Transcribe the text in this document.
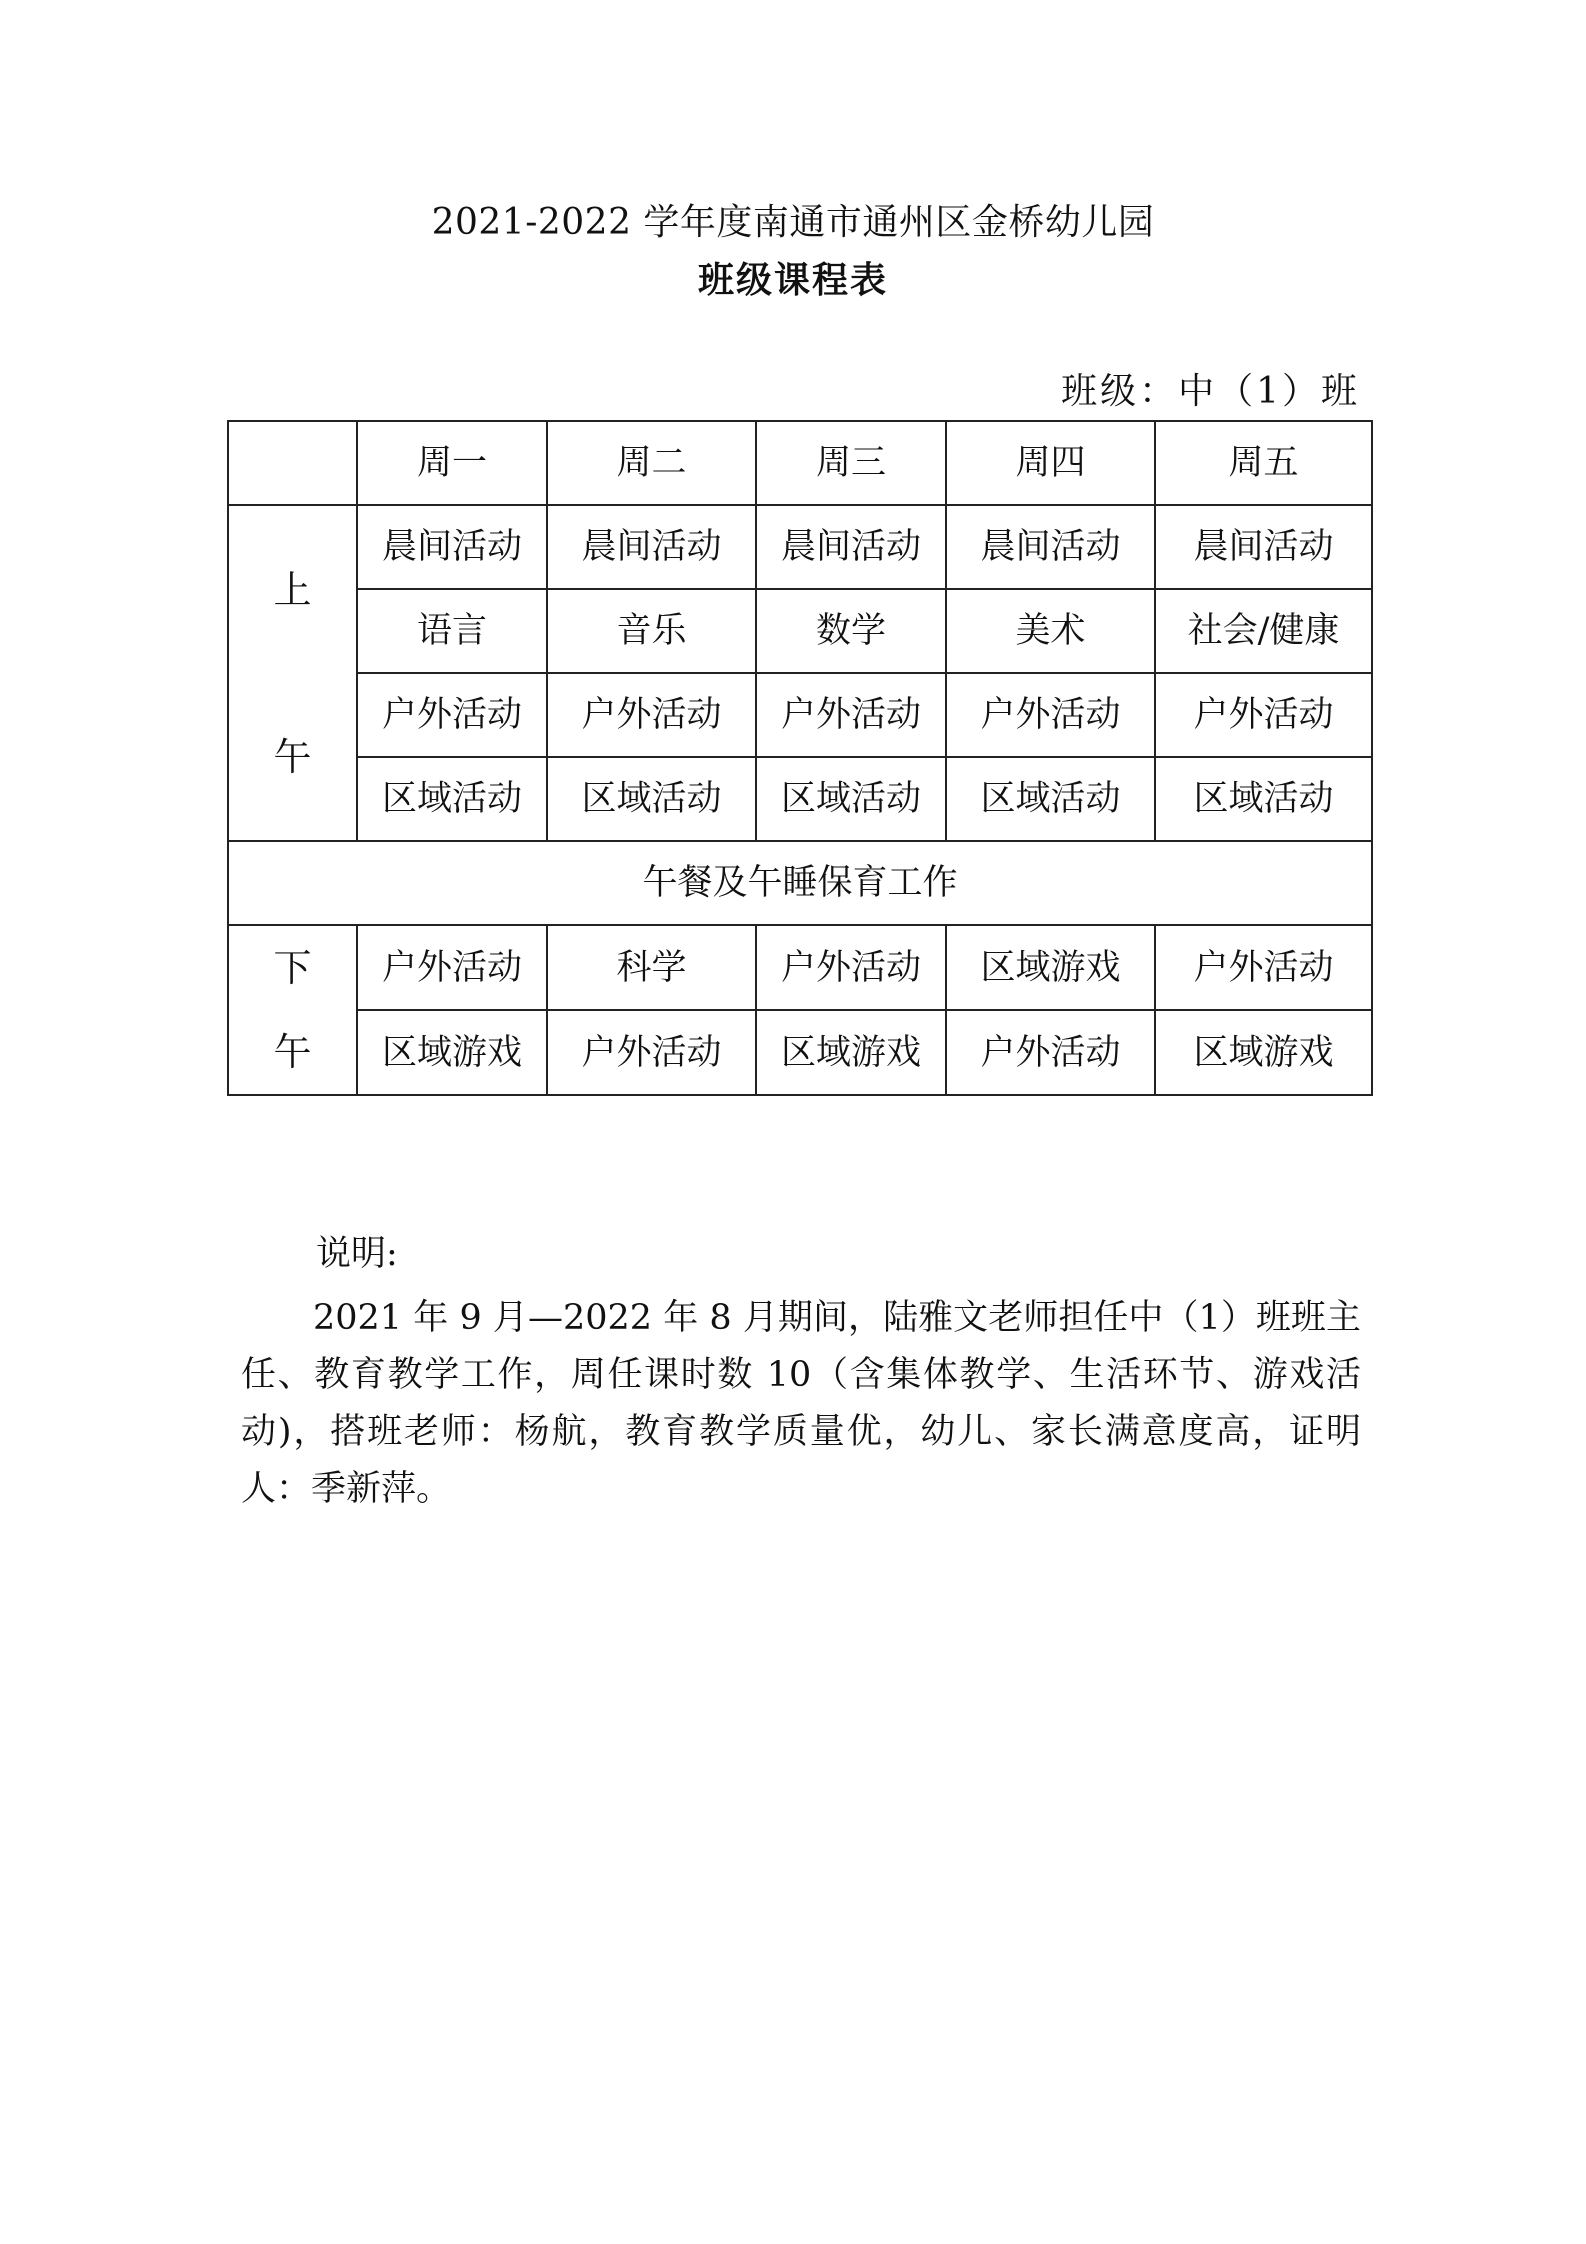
2021-2022 学年度南通市通州区金桥幼儿园
班级课程表
班级：中（1）班
	周一	周二	周三	周四	周五

上
午	晨间活动	晨间活动	晨间活动	晨间活动	晨间活动
	语言	音乐	数学	美术	社会/健康
	户外活动	户外活动	户外活动	户外活动	户外活动
	区域活动	区域活动	区域活动	区域活动	区域活动
午餐及午睡保育工作					

下
午	户外活动	科学	户外活动	区域游戏	户外活动
	区域游戏	户外活动	区域游戏	户外活动	区域游戏
说明:
2021 年 9 月—2022 年 8 月期间，陆雅文老师担任中（1）班班主任、教育教学工作，周任课时数 10（含集体教学、生活环节、游戏活动)，搭班老师：杨航，教育教学质量优，幼儿、家长满意度高，证明人：季新萍。
